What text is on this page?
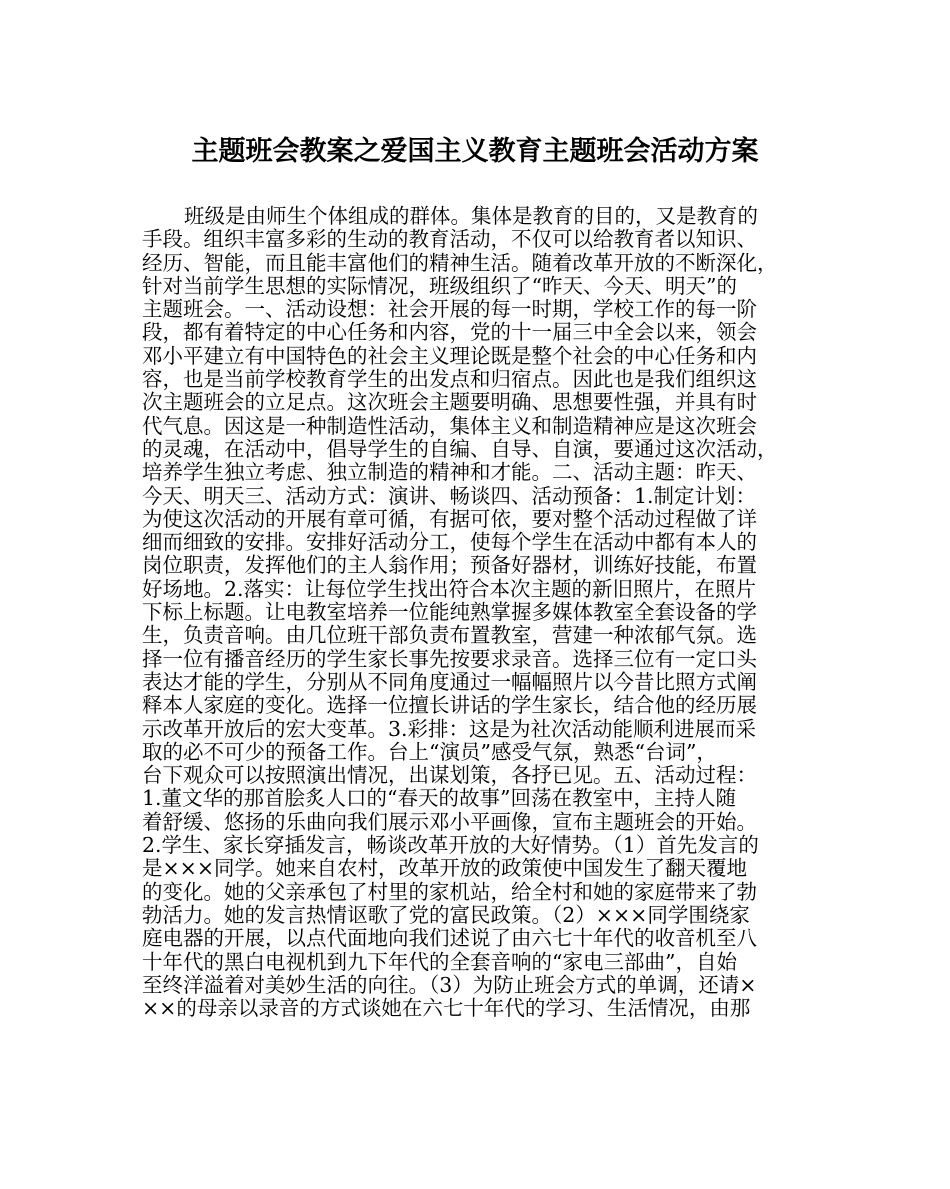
主题班会教案之爱国主义教育主题班会活动方案
班级是由师生个体组成的群体。集体是教育的目的，又是教育的
手段。组织丰富多彩的生动的教育活动，不仅可以给教育者以知识、
经历、智能，而且能丰富他们的精神生活。随着改革开放的不断深化，
针对当前学生思想的实际情况，班级组织了“昨天、今天、明天”的
主题班会。一、活动设想：社会开展的每一时期，学校工作的每一阶
段，都有着特定的中心任务和内容，党的十一届三中全会以来，领会
邓小平建立有中国特色的社会主义理论既是整个社会的中心任务和内
容，也是当前学校教育学生的出发点和归宿点。因此也是我们组织这
次主题班会的立足点。这次班会主题要明确、思想要性强，并具有时
代气息。因这是一种制造性活动，集体主义和制造精神应是这次班会
的灵魂，在活动中，倡导学生的自编、自导、自演，要通过这次活动，
培养学生独立考虑、独立制造的精神和才能。二、活动主题：昨天、
今天、明天三、活动方式：演讲、畅谈四、活动预备：1.制定计划：
为使这次活动的开展有章可循，有据可依，要对整个活动过程做了详
细而细致的安排。安排好活动分工，使每个学生在活动中都有本人的
岗位职责，发挥他们的主人翁作用；预备好器材，训练好技能，布置
好场地。2.落实：让每位学生找出符合本次主题的新旧照片，在照片
下标上标题。让电教室培养一位能纯熟掌握多媒体教室全套设备的学
生，负责音响。由几位班干部负责布置教室，营建一种浓郁气氛。选
择一位有播音经历的学生家长事先按要求录音。选择三位有一定口头
表达才能的学生，分别从不同角度通过一幅幅照片以今昔比照方式阐
释本人家庭的变化。选择一位擅长讲话的学生家长，结合他的经历展
示改革开放后的宏大变革。3.彩排：这是为社次活动能顺利进展而采
取的必不可少的预备工作。台上“演员”感受气氛，熟悉“台词”，
台下观众可以按照演出情况，出谋划策，各抒已见。五、活动过程：
1.董文华的那首脍炙人口的“春天的故事”回荡在教室中，主持人随
着舒缓、悠扬的乐曲向我们展示邓小平画像，宣布主题班会的开始。
2.学生、家长穿插发言，畅谈改革开放的大好情势。（1）首先发言的
是×××同学。她来自农村，改革开放的政策使中国发生了翻天覆地
的变化。她的父亲承包了村里的家机站，给全村和她的家庭带来了勃
勃活力。她的发言热情讴歌了党的富民政策。（2）×××同学围绕家
庭电器的开展，以点代面地向我们述说了由六七十年代的收音机至八
十年代的黑白电视机到九下年代的全套音响的“家电三部曲”，自始
至终洋溢着对美妙生活的向往。（3）为防止班会方式的单调，还请×
××的母亲以录音的方式谈她在六七十年代的学习、生活情况，由那
